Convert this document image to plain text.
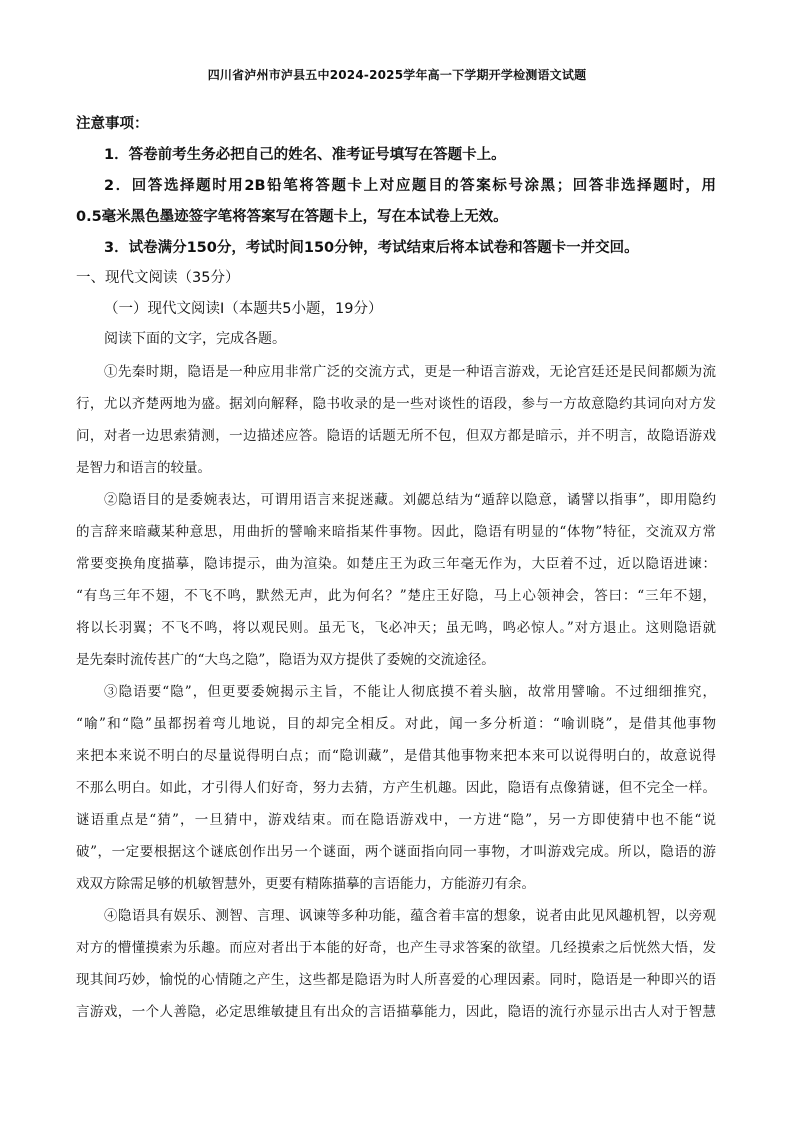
四川省泸州市泸县五中2024-2025学年高一下学期开学检测语文试题
注意事项：
1．答卷前考生务必把自己的姓名、准考证号填写在答题卡上。
2．回答选择题时用2B铅笔将答题卡上对应题目的答案标号涂黑；回答非选择题时，用
0.5毫米黑色墨迹签字笔将答案写在答题卡上，写在本试卷上无效。
3．试卷满分150分，考试时间150分钟，考试结束后将本试卷和答题卡一并交回。
一、现代文阅读（35分）
（一）现代文阅读Ⅰ（本题共5小题，19分）
阅读下面的文字，完成各题。
①先秦时期，隐语是一种应用非常广泛的交流方式，更是一种语言游戏，无论宫廷还是民间都颇为流
行，尤以齐楚两地为盛。据刘向解释，隐书收录的是一些对谈性的语段，参与一方故意隐约其词向对方发
问，对者一边思索猜测，一边描述应答。隐语的话题无所不包，但双方都是暗示，并不明言，故隐语游戏
是智力和语言的较量。
②隐语目的是委婉表达，可谓用语言来捉迷藏。刘勰总结为“遁辞以隐意，谲譬以指事”，即用隐约
的言辞来暗藏某种意思，用曲折的譬喻来暗指某件事物。因此，隐语有明显的“体物”特征，交流双方常
常要变换角度描摹，隐讳提示，曲为渲染。如楚庄王为政三年毫无作为，大臣着不过，近以隐语进谏：
“有鸟三年不翅，不飞不鸣，默然无声，此为何名？”楚庄王好隐，马上心领神会，答曰：“三年不翅，
将以长羽翼；不飞不鸣，将以观民则。虽无飞，飞必冲天；虽无鸣，鸣必惊人。”对方退止。这则隐语就
是先秦时流传甚广的“大鸟之隐”，隐语为双方提供了委婉的交流途径。
③隐语要“隐”，但更要委婉揭示主旨，不能让人彻底摸不着头脑，故常用譬喻。不过细细推究，
“喻”和“隐”虽都拐着弯儿地说，目的却完全相反。对此，闻一多分析道：“喻训晓”，是借其他事物
来把本来说不明白的尽量说得明白点；而“隐训藏”，是借其他事物来把本来可以说得明白的，故意说得
不那么明白。如此，才引得人们好奇，努力去猜，方产生机趣。因此，隐语有点像猜谜，但不完全一样。
谜语重点是“猜”，一旦猜中，游戏结束。而在隐语游戏中，一方进“隐”，另一方即使猜中也不能“说
破”，一定要根据这个谜底创作出另一个谜面，两个谜面指向同一事物，才叫游戏完成。所以，隐语的游
戏双方除需足够的机敏智慧外，更要有精陈描摹的言语能力，方能游刃有余。
④隐语具有娱乐、测智、言理、讽谏等多种功能，蕴含着丰富的想象，说者由此见风趣机智，以旁观
对方的懵懂摸索为乐趣。而应对者出于本能的好奇，也产生寻求答案的欲望。几经摸索之后恍然大悟，发
现其间巧妙，愉悦的心情随之产生，这些都是隐语为时人所喜爱的心理因素。同时，隐语是一种即兴的语
言游戏，一个人善隐，必定思维敏捷且有出众的言语描摹能力，因此，隐语的流行亦显示出古人对于智慧
